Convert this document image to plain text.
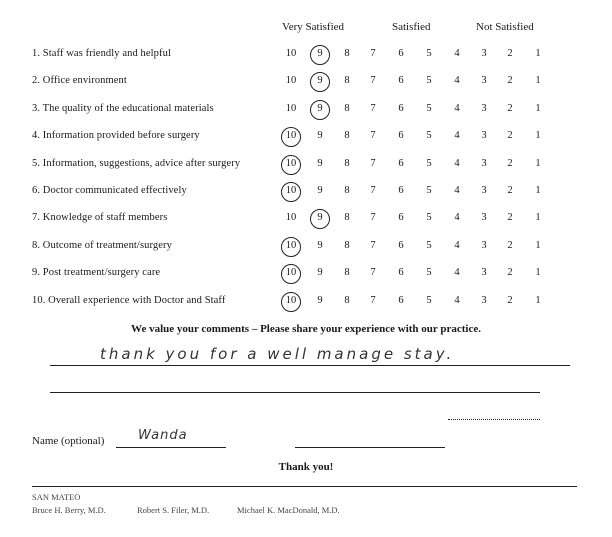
Very Satisfied	Satisfied	Not Satisfied
1. Staff was friendly and helpful	10	9	8	7	6	5	4	3	2	1
2. Office environment	10	9	8	7	6	5	4	3	2	1
3. The quality of the educational materials	10	9	8	7	6	5	4	3	2	1
4. Information provided before surgery	10	9	8	7	6	5	4	3	2	1
5. Information, suggestions, advice after surgery	10	9	8	7	6	5	4	3	2	1
6. Doctor communicated effectively	10	9	8	7	6	5	4	3	2	1
7. Knowledge of staff members	10	9	8	7	6	5	4	3	2	1
8. Outcome of treatment/surgery	10	9	8	7	6	5	4	3	2	1
9. Post treatment/surgery care	10	9	8	7	6	5	4	3	2	1
10. Overall experience with Doctor and Staff	10	9	8	7	6	5	4	3	2	1
We value your comments – Please share your experience with our practice.
thank you for a well manage stay.
Name (optional)	Wanda
Thank you!
SAN MATEO
Bruce H. Berry, M.D.	Robert S. Filer, M.D.	Michael K. MacDonald, M.D.
